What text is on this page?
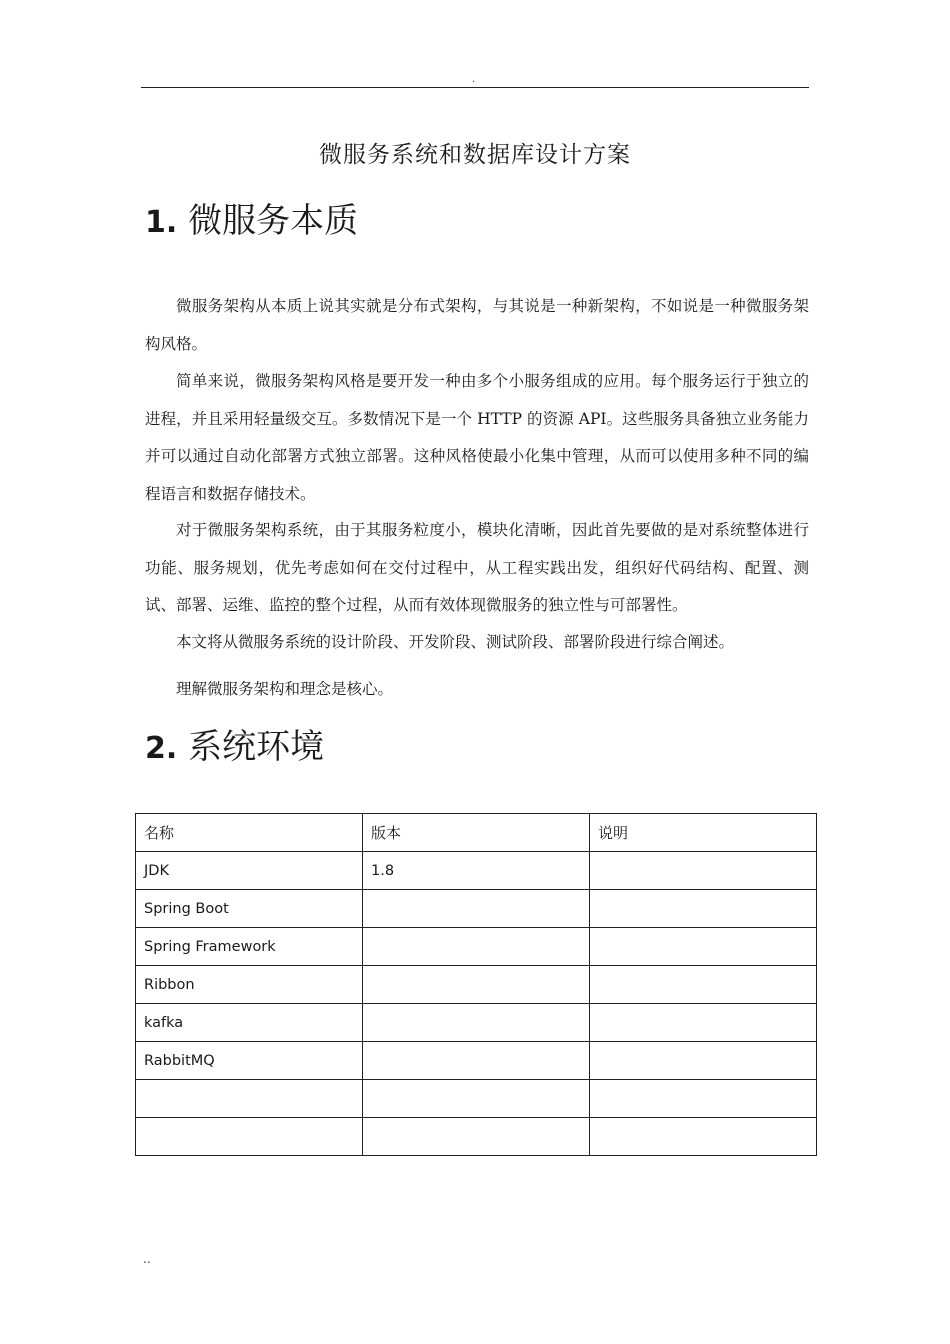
.
微服务系统和数据库设计方案
1. 微服务本质

微服务架构从本质上说其实就是分布式架构，与其说是一种新架构，不如说是一种微服务架构风格。

简单来说，微服务架构风格是要开发一种由多个小服务组成的应用。每个服务运行于独立的进程，并且采用轻量级交互。多数情况下是一个 HTTP 的资源 API。这些服务具备独立业务能力并可以通过自动化部署方式独立部署。这种风格使最小化集中管理，从而可以使用多种不同的编程语言和数据存储技术。

对于微服务架构系统，由于其服务粒度小，模块化清晰，因此首先要做的是对系统整体进行功能、服务规划，优先考虑如何在交付过程中，从工程实践出发，组织好代码结构、配置、测试、部署、运维、监控的整个过程，从而有效体现微服务的独立性与可部署性。

本文将从微服务系统的设计阶段、开发阶段、测试阶段、部署阶段进行综合阐述。

理解微服务架构和理念是核心。

2. 系统环境
名称	版本	说明
JDK	1.8	
Spring Boot		
Spring Framework		
Ribbon		
kafka		
RabbitMQ		

..
